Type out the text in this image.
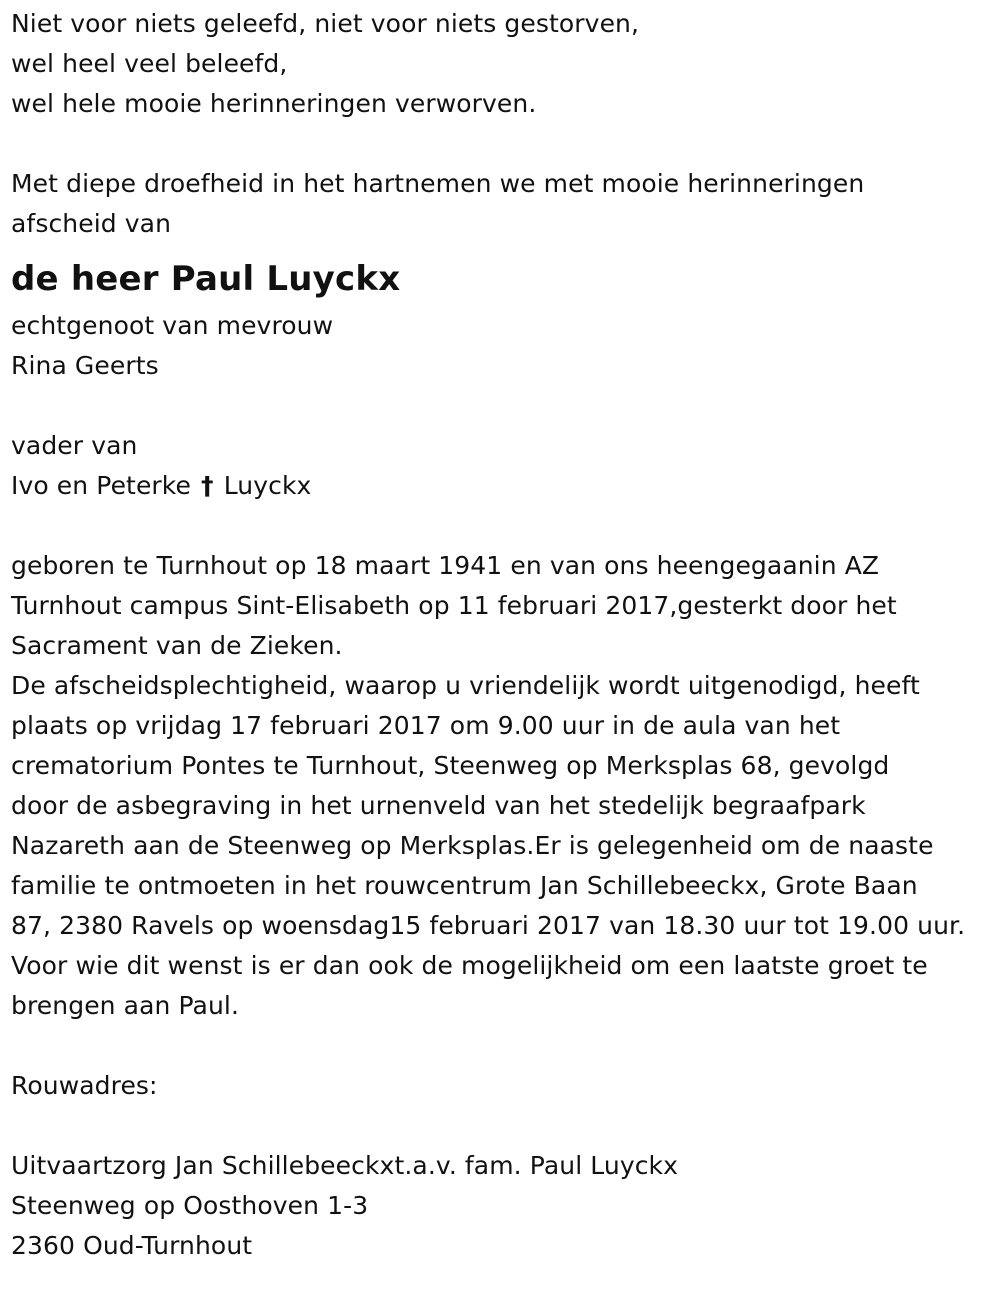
Niet voor niets geleefd, niet voor niets gestorven,
wel heel veel beleefd,
wel hele mooie herinneringen verworven.
Met diepe droefheid in het hartnemen we met mooie herinneringen
afscheid van
de heer Paul Luyckx
echtgenoot van mevrouw
Rina Geerts
vader van
Ivo en Peterke † Luyckx
geboren te Turnhout op 18 maart 1941 en van ons heengegaanin AZ
Turnhout campus Sint-Elisabeth op 11 februari 2017,gesterkt door het
Sacrament van de Zieken.
De afscheidsplechtigheid, waarop u vriendelijk wordt uitgenodigd, heeft
plaats op vrijdag 17 februari 2017 om 9.00 uur in de aula van het
crematorium Pontes te Turnhout, Steenweg op Merksplas 68, gevolgd
door de asbegraving in het urnenveld van het stedelijk begraafpark
Nazareth aan de Steenweg op Merksplas.Er is gelegenheid om de naaste
familie te ontmoeten in het rouwcentrum Jan Schillebeeckx, Grote Baan
87, 2380 Ravels op woensdag15 februari 2017 van 18.30 uur tot 19.00 uur.
Voor wie dit wenst is er dan ook de mogelijkheid om een laatste groet te
brengen aan Paul.
Rouwadres:
Uitvaartzorg Jan Schillebeeckxt.a.v. fam. Paul Luyckx
Steenweg op Oosthoven 1-3
2360 Oud-Turnhout
